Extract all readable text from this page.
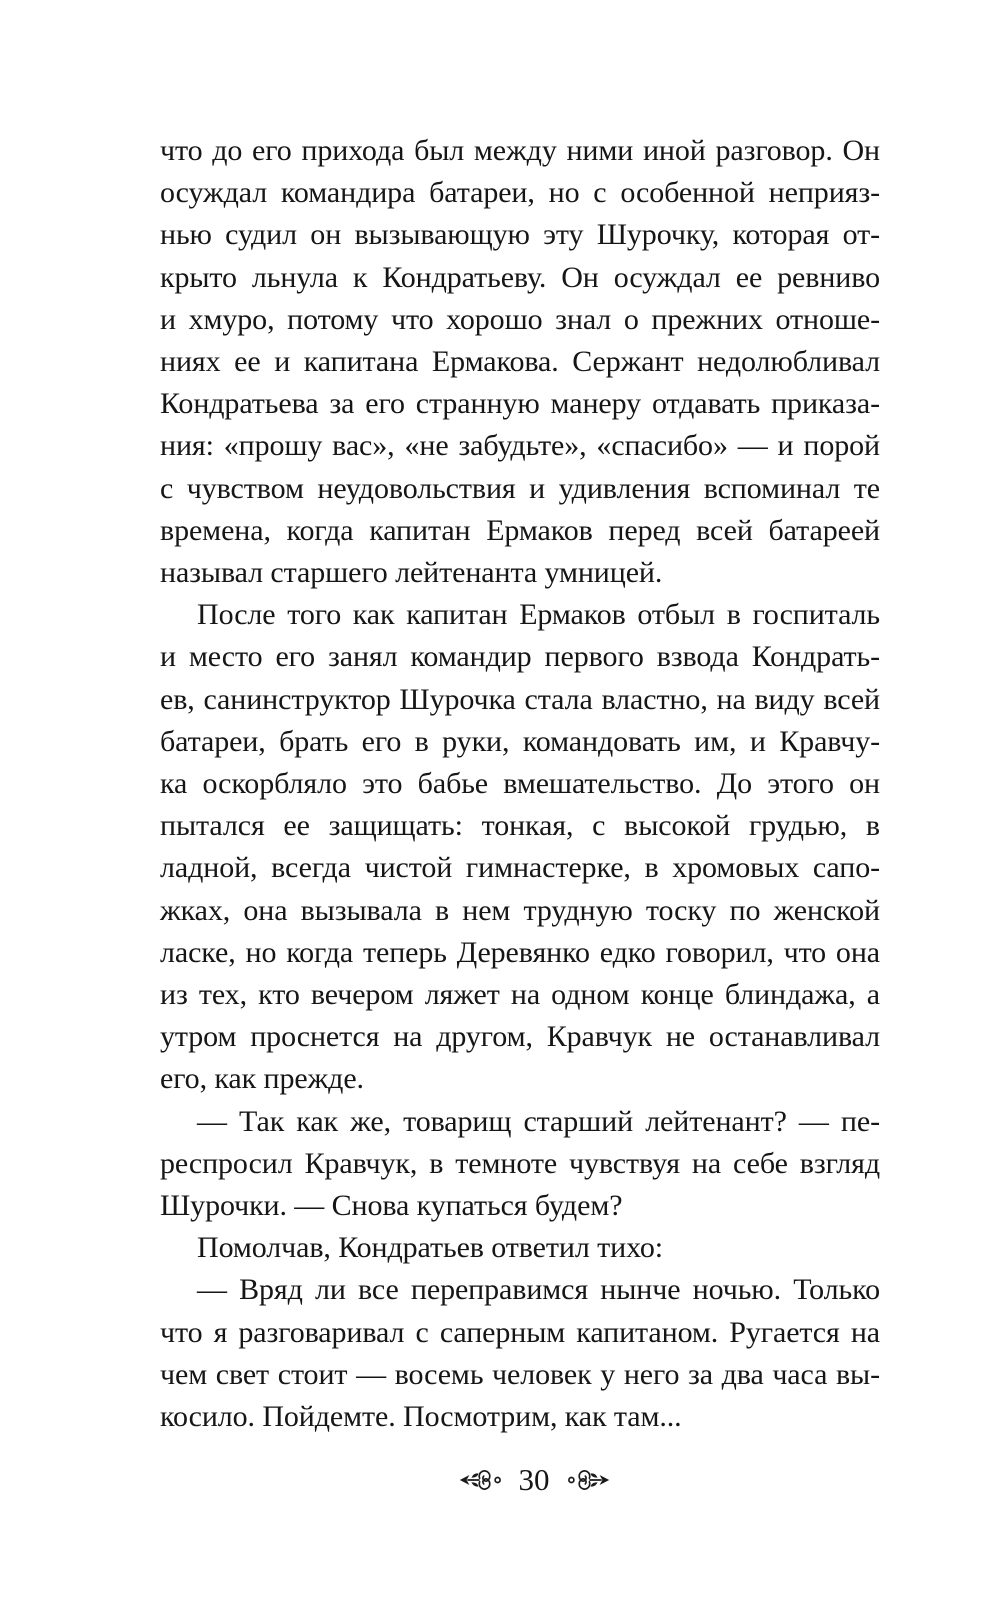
что до его прихода был между ними иной разговор. Он
осуждал командира батареи, но с особенной неприяз-
нью судил он вызывающую эту Шурочку, которая от-
крыто льнула к Кондратьеву. Он осуждал ее ревниво
и хмуро, потому что хорошо знал о прежних отноше-
ниях ее и капитана Ермакова. Сержант недолюбливал
Кондратьева за его странную манеру отдавать приказа-
ния: «прошу вас», «не забудьте», «спасибо» — и порой
с чувством неудовольствия и удивления вспоминал те
времена, когда капитан Ермаков перед всей батареей
называл старшего лейтенанта умницей.
После того как капитан Ермаков отбыл в госпиталь
и место его занял командир первого взвода Кондрать-
ев, санинструктор Шурочка стала властно, на виду всей
батареи, брать его в руки, командовать им, и Кравчу-
ка оскорбляло это бабье вмешательство. До этого он
пытался ее защищать: тонкая, с высокой грудью, в
ладной, всегда чистой гимнастерке, в хромовых сапо-
жках, она вызывала в нем трудную тоску по женской
ласке, но когда теперь Деревянко едко говорил, что она
из тех, кто вечером ляжет на одном конце блиндажа, а
утром проснется на другом, Кравчук не останавливал
его, как прежде.
— Так как же, товарищ старший лейтенант? — пе-
респросил Кравчук, в темноте чувствуя на себе взгляд
Шурочки. — Снова купаться будем?
Помолчав, Кондратьев ответил тихо:
— Вряд ли все переправимся нынче ночью. Только
что я разговаривал с саперным капитаном. Ругается на
чем свет стоит — восемь человек у него за два часа вы-
косило. Пойдемте. Посмотрим, как там...
30
